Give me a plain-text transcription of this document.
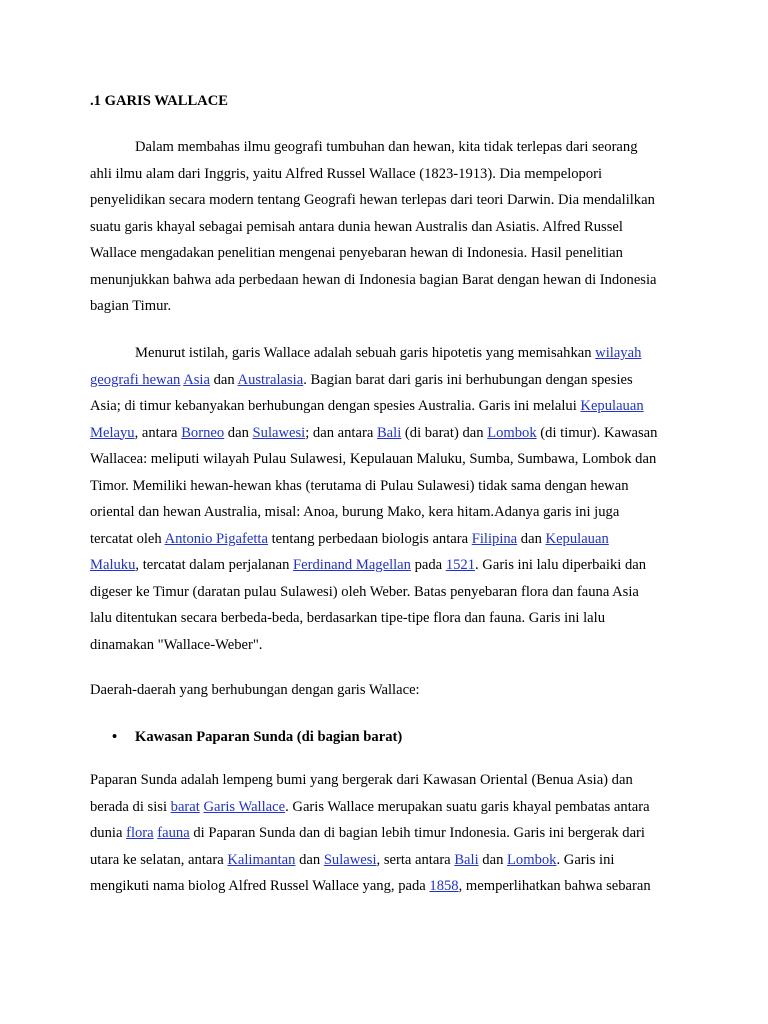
.1 GARIS WALLACE
Dalam membahas ilmu geografi tumbuhan dan hewan, kita tidak terlepas dari seorang
ahli ilmu alam dari Inggris, yaitu Alfred Russel Wallace (1823-1913). Dia mempelopori
penyelidikan secara modern tentang Geografi hewan terlepas dari teori Darwin. Dia mendalilkan
suatu garis khayal sebagai pemisah antara dunia hewan Australis dan Asiatis. Alfred Russel
Wallace mengadakan penelitian mengenai penyebaran hewan di Indonesia. Hasil penelitian
menunjukkan bahwa ada perbedaan hewan di Indonesia bagian Barat dengan hewan di Indonesia
bagian Timur.
Menurut istilah, garis Wallace adalah sebuah garis hipotetis yang memisahkan wilayah
geografi hewan Asia dan Australasia. Bagian barat dari garis ini berhubungan dengan spesies
Asia; di timur kebanyakan berhubungan dengan spesies Australia. Garis ini melalui Kepulauan
Melayu, antara Borneo dan Sulawesi; dan antara Bali (di barat) dan Lombok (di timur). Kawasan
Wallacea: meliputi wilayah Pulau Sulawesi, Kepulauan Maluku, Sumba, Sumbawa, Lombok dan
Timor. Memiliki hewan-hewan khas (terutama di Pulau Sulawesi) tidak sama dengan hewan
oriental dan hewan Australia, misal: Anoa, burung Mako, kera hitam.Adanya garis ini juga
tercatat oleh Antonio Pigafetta tentang perbedaan biologis antara Filipina dan Kepulauan
Maluku, tercatat dalam perjalanan Ferdinand Magellan pada 1521. Garis ini lalu diperbaiki dan
digeser ke Timur (daratan pulau Sulawesi) oleh Weber. Batas penyebaran flora dan fauna Asia
lalu ditentukan secara berbeda-beda, berdasarkan tipe-tipe flora dan fauna. Garis ini lalu
dinamakan "Wallace-Weber".
Daerah-daerah yang berhubungan dengan garis Wallace:
• Kawasan Paparan Sunda (di bagian barat)
Paparan Sunda adalah lempeng bumi yang bergerak dari Kawasan Oriental (Benua Asia) dan
berada di sisi barat Garis Wallace. Garis Wallace merupakan suatu garis khayal pembatas antara
dunia flora fauna di Paparan Sunda dan di bagian lebih timur Indonesia. Garis ini bergerak dari
utara ke selatan, antara Kalimantan dan Sulawesi, serta antara Bali dan Lombok. Garis ini
mengikuti nama biolog Alfred Russel Wallace yang, pada 1858, memperlihatkan bahwa sebaran
